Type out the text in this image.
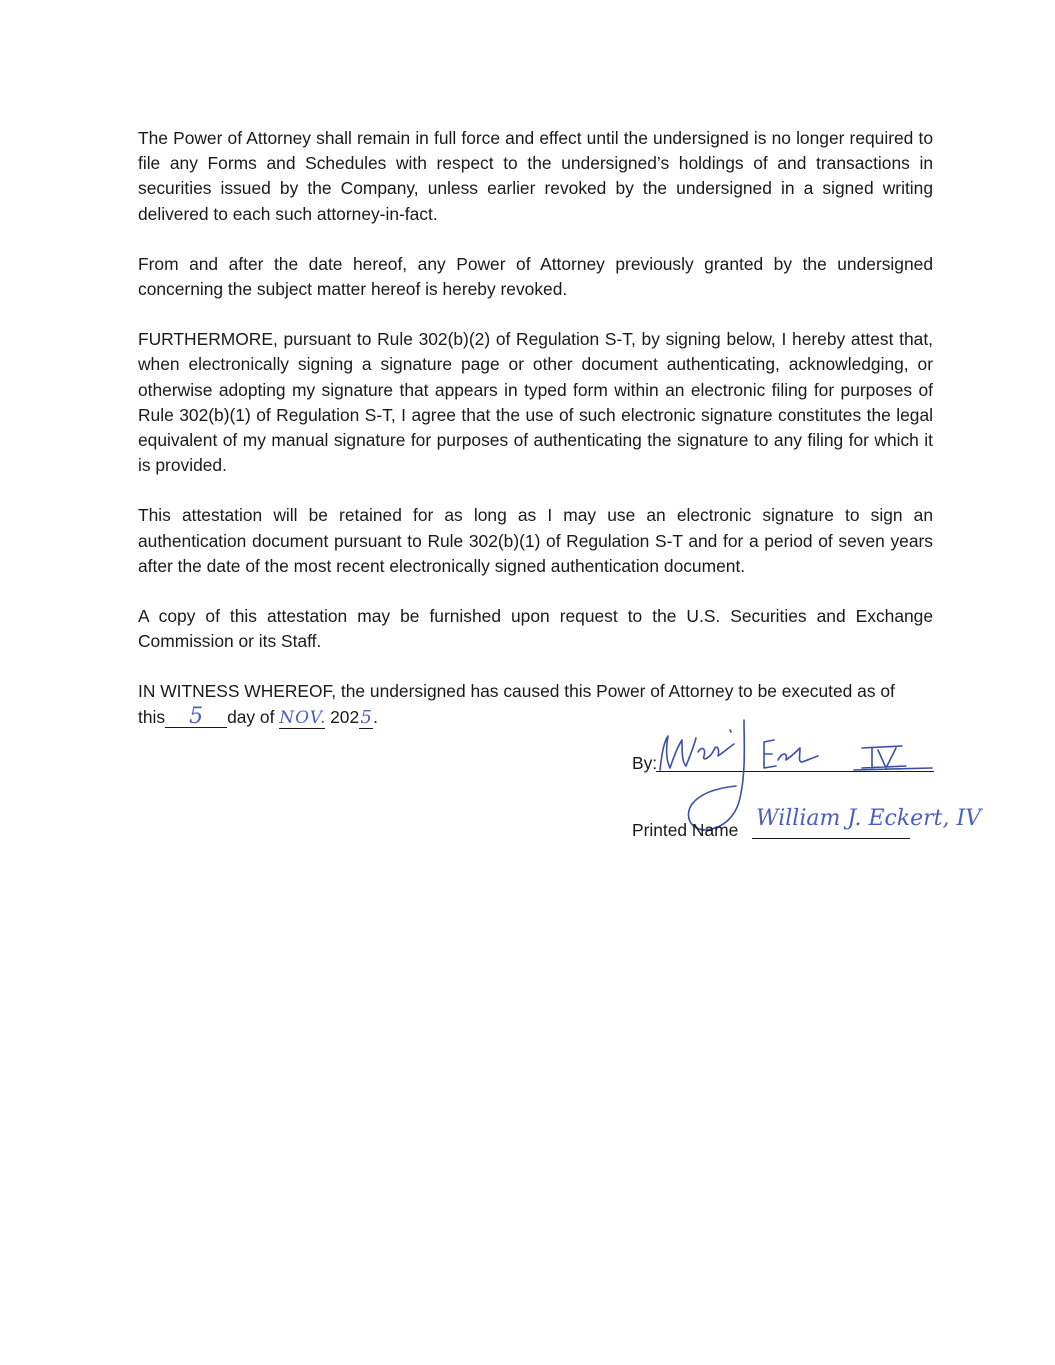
The Power of Attorney shall remain in full force and effect until the undersigned is no longer required to file any Forms and Schedules with respect to the undersigned’s holdings of and transactions in securities issued by the Company, unless earlier revoked by the undersigned in a signed writing delivered to each such attorney-in-fact.

From and after the date hereof, any Power of Attorney previously granted by the undersigned concerning the subject matter hereof is hereby revoked.

FURTHERMORE, pursuant to Rule 302(b)(2) of Regulation S-T, by signing below, I hereby attest that, when electronically signing a signature page or other document authenticating, acknowledging, or otherwise adopting my signature that appears in typed form within an electronic filing for purposes of Rule 302(b)(1) of Regulation S-T, I agree that the use of such electronic signature constitutes the legal equivalent of my manual signature for purposes of authenticating the signature to any filing for which it is provided.

This attestation will be retained for as long as I may use an electronic signature to sign an authentication document pursuant to Rule 302(b)(1) of Regulation S-T and for a period of seven years after the date of the most recent electronically signed authentication document.

A copy of this attestation may be furnished upon request to the U.S. Securities and Exchange Commission or its Staff.

IN WITNESS WHEREOF, the undersigned has caused this Power of Attorney to be executed as of
this 5 day of NOV. 2025.

By:
Printed Name William J. Eckert, IV
